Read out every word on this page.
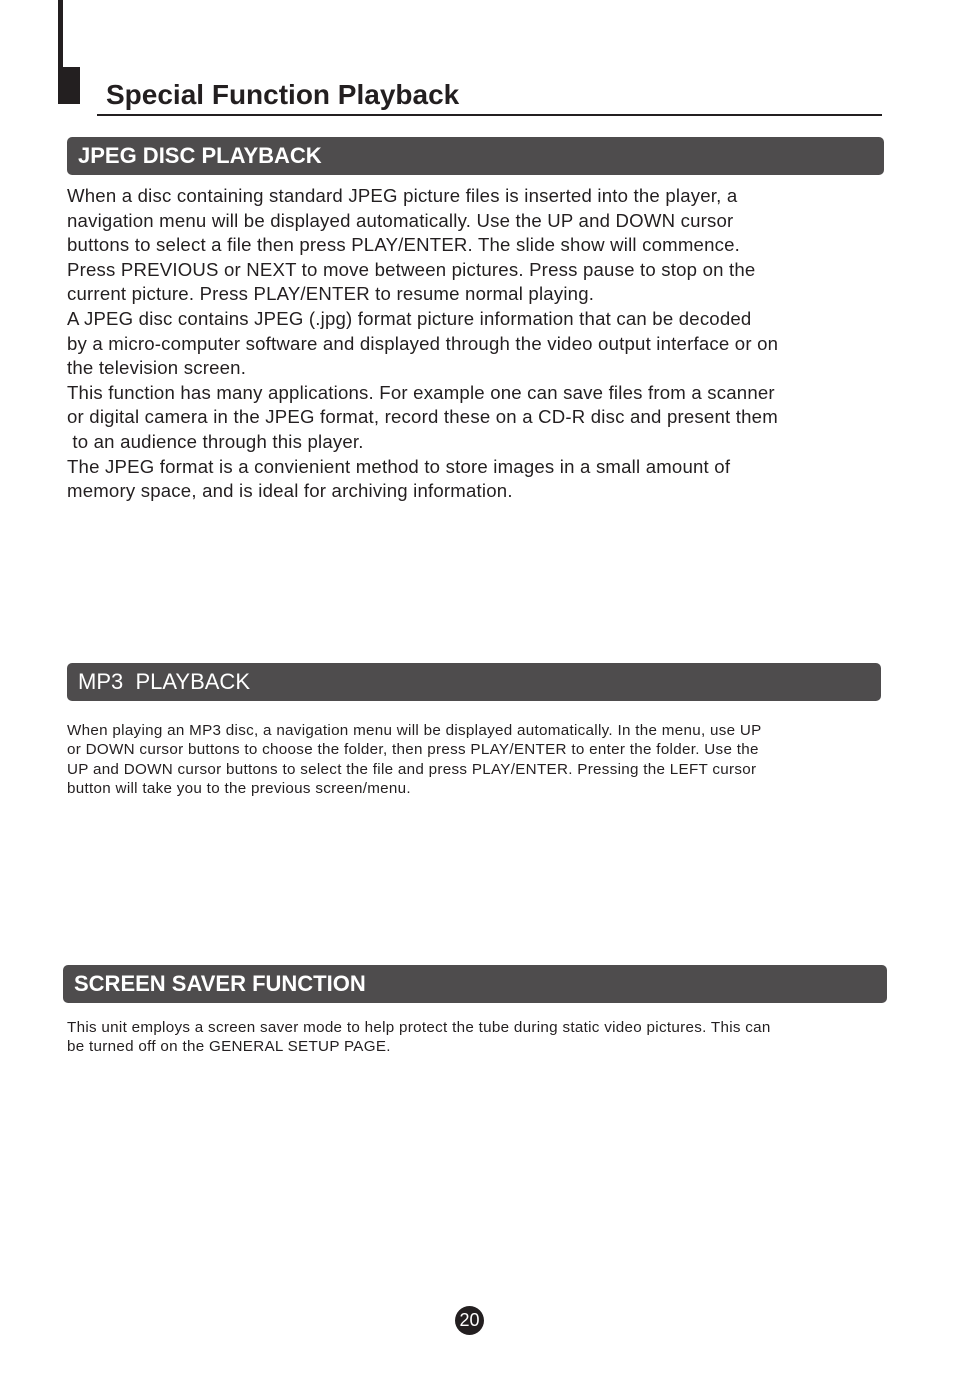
Special Function Playback
JPEG DISC PLAYBACK

When a disc containing standard JPEG picture files is inserted into the player, a

navigation menu will be displayed automatically. Use the UP and DOWN cursor

buttons to select a file then press PLAY/ENTER. The slide show will commence.

Press PREVIOUS or NEXT to move between pictures. Press pause to stop on the

current picture. Press PLAY/ENTER to resume normal playing.

A JPEG disc contains JPEG (.jpg) format picture information that can be decoded

by a micro-computer software and displayed through the video output interface or on

the television screen.

This function has many applications. For example one can save files from a scanner

or digital camera in the JPEG format, record these on a CD-R disc and present them

to an audience through this player.

The JPEG format is a convienient method to store images in a small amount of

memory space, and is ideal for archiving information.

MP3  PLAYBACK

When playing an MP3 disc, a navigation menu will be displayed automatically. In the menu, use UP

or DOWN cursor buttons to choose the folder, then press PLAY/ENTER to enter the folder. Use the

UP and DOWN cursor buttons to select the file and press PLAY/ENTER. Pressing the LEFT cursor

button will take you to the previous screen/menu.

SCREEN SAVER FUNCTION

This unit employs a screen saver mode to help protect the tube during static video pictures. This can

be turned off on the GENERAL SETUP PAGE.

20
